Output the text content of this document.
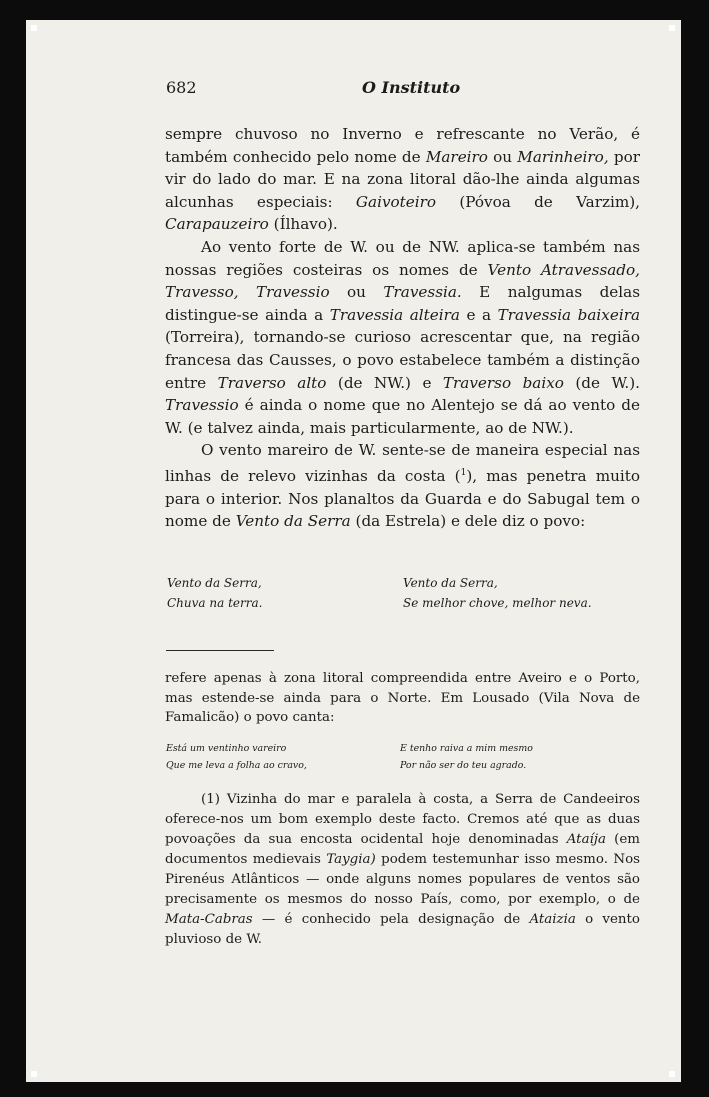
682	O Instituto

sempre chuvoso no Inverno e refrescante no Verão, é também conhecido pelo nome de Mareiro ou Marinheiro, por vir do lado do mar. E na zona litoral dão-lhe ainda algumas alcunhas especiais: Gaivoteiro (Póvoa de Varzim), Carapauzeiro (Ílhavo).

Ao vento forte de W. ou de NW. aplica-se também nas nossas regiões costeiras os nomes de Vento Atravessado, Travesso, Travessio ou Travessia. E nalgumas delas distingue-se ainda a Travessia alteira e a Travessia baixeira (Torreira), tornando-se curioso acrescentar que, na região francesa das Causses, o povo estabelece também a distinção entre Traverso alto (de NW.) e Traverso baixo (de W.). Travessio é ainda o nome que no Alentejo se dá ao vento de W. (e talvez ainda, mais particularmente, ao de NW.).

O vento mareiro de W. sente-se de maneira especial nas linhas de relevo vizinhas da costa ($^1$), mas penetra muito para o interior. Nos planaltos da Guarda e do Sabugal tem o nome de Vento da Serra (da Estrela) e dele diz o povo:

Vento da Serra,
Chuva na terra.
Vento da Serra,
Se melhor chove, melhor neva.

refere apenas à zona litoral compreendida entre Aveiro e o Porto, mas estende-se ainda para o Norte. Em Lousado (Vila Nova de Famalicão) o povo canta:

Está um ventinho vareiro
Que me leva a folha ao cravo,
E tenho raiva a mim mesmo
Por não ser do teu agrado.

(1) Vizinha do mar e paralela à costa, a Serra de Candeeiros oferece-nos um bom exemplo deste facto. Cremos até que as duas povoações da sua encosta ocidental hoje denominadas Ataíja (em documentos medievais Taygia) podem testemunhar isso mesmo. Nos Pirenéus Atlânticos — onde alguns nomes populares de ventos são precisamente os mesmos do nosso País, como, por exemplo, o de Mata-Cabras — é conhecido pela designação de Ataizia o vento pluvioso de W.
